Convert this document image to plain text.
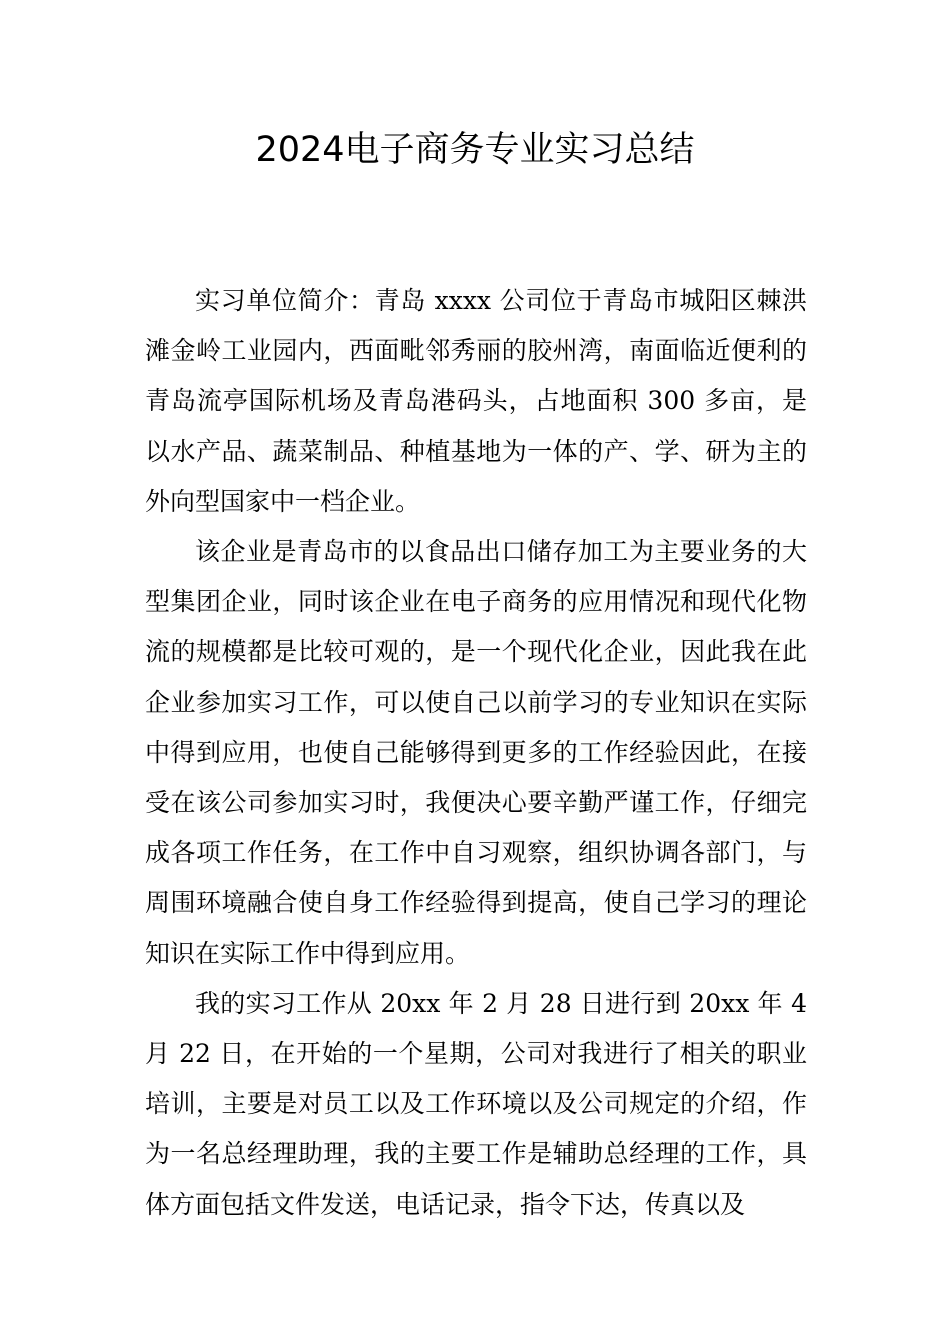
2024电子商务专业实习总结

实习单位简介：青岛 xxxx 公司位于青岛市城阳区棘洪滩金岭工业园内，西面毗邻秀丽的胶州湾，南面临近便利的青岛流亭国际机场及青岛港码头，占地面积 300 多亩，是以水产品、蔬菜制品、种植基地为一体的产、学、研为主的外向型国家中一档企业。

该企业是青岛市的以食品出口储存加工为主要业务的大型集团企业，同时该企业在电子商务的应用情况和现代化物流的规模都是比较可观的，是一个现代化企业，因此我在此企业参加实习工作，可以使自己以前学习的专业知识在实际中得到应用，也使自己能够得到更多的工作经验因此，在接受在该公司参加实习时，我便决心要辛勤严谨工作，仔细完成各项工作任务，在工作中自习观察，组织协调各部门，与周围环境融合使自身工作经验得到提高，使自己学习的理论知识在实际工作中得到应用。

我的实习工作从 20xx 年 2 月 28 日进行到 20xx 年 4 月 22 日，在开始的一个星期，公司对我进行了相关的职业培训，主要是对员工以及工作环境以及公司规定的介绍，作为一名总经理助理，我的主要工作是辅助总经理的工作，具体方面包括文件发送，电话记录，指令下达，传真以及
